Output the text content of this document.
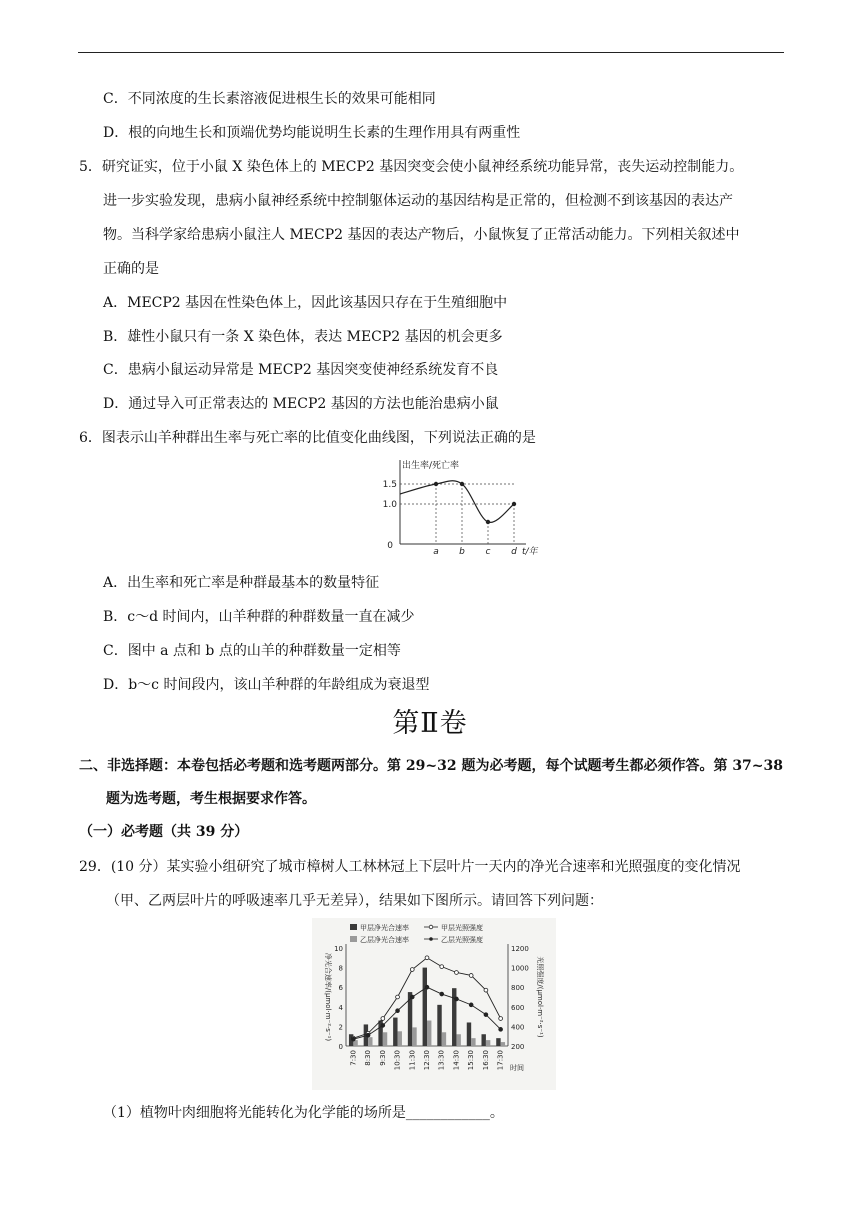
C．不同浓度的生长素溶液促进根生长的效果可能相同
D．根的向地生长和顶端优势均能说明生长素的生理作用具有两重性
5．研究证实，位于小鼠 X 染色体上的 MECP2 基因突变会使小鼠神经系统功能异常，丧失运动控制能力。
进一步实验发现，患病小鼠神经系统中控制躯体运动的基因结构是正常的，但检测不到该基因的表达产
物。当科学家给患病小鼠注人 MECP2 基因的表达产物后，小鼠恢复了正常活动能力。下列相关叙述中
正确的是
A．MECP2 基因在性染色体上，因此该基因只存在于生殖细胞中
B．雄性小鼠只有一条 X 染色体，表达 MECP2 基因的机会更多
C．患病小鼠运动异常是 MECP2 基因突变使神经系统发育不良
D．通过导入可正常表达的 MECP2 基因的方法也能治患病小鼠
6．图表示山羊种群出生率与死亡率的比值变化曲线图，下列说法正确的是
出生率/死亡率
t/年
0
1.0
1.5
a b c d
A．出生率和死亡率是种群最基本的数量特征
B．c～d 时间内，山羊种群的种群数量一直在减少
C．图中 a 点和 b 点的山羊的种群数量一定相等
D．b～c 时间段内，该山羊种群的年龄组成为衰退型
第Ⅱ卷
二、非选择题：本卷包括必考题和选考题两部分。第 29~32 题为必考题，每个试题考生都必须作答。第 37~38
题为选考题，考生根据要求作答。
（一）必考题（共 39 分）
29．(10 分）某实验小组研究了城市樟树人工林林冠上下层叶片一天内的净光合速率和光照强度的变化情况
（甲、乙两层叶片的呼吸速率几乎无差异），结果如下图所示。请回答下列问题：
甲层净光合速率
乙层净光合速率
甲层光照强度
乙层光照强度
0
2
4
6
8
10
200
400
600
800
1000
1200
净光合速率/(μmol·m⁻²·s⁻¹)	光照强度/(μmol·m⁻²·s⁻¹)
7:30 8:30 9:30 10:30 11:30 12:30 13:30 14:30 15:30 16:30 17:30 时间
（1）植物叶肉细胞将光能转化为化学能的场所是____________。
